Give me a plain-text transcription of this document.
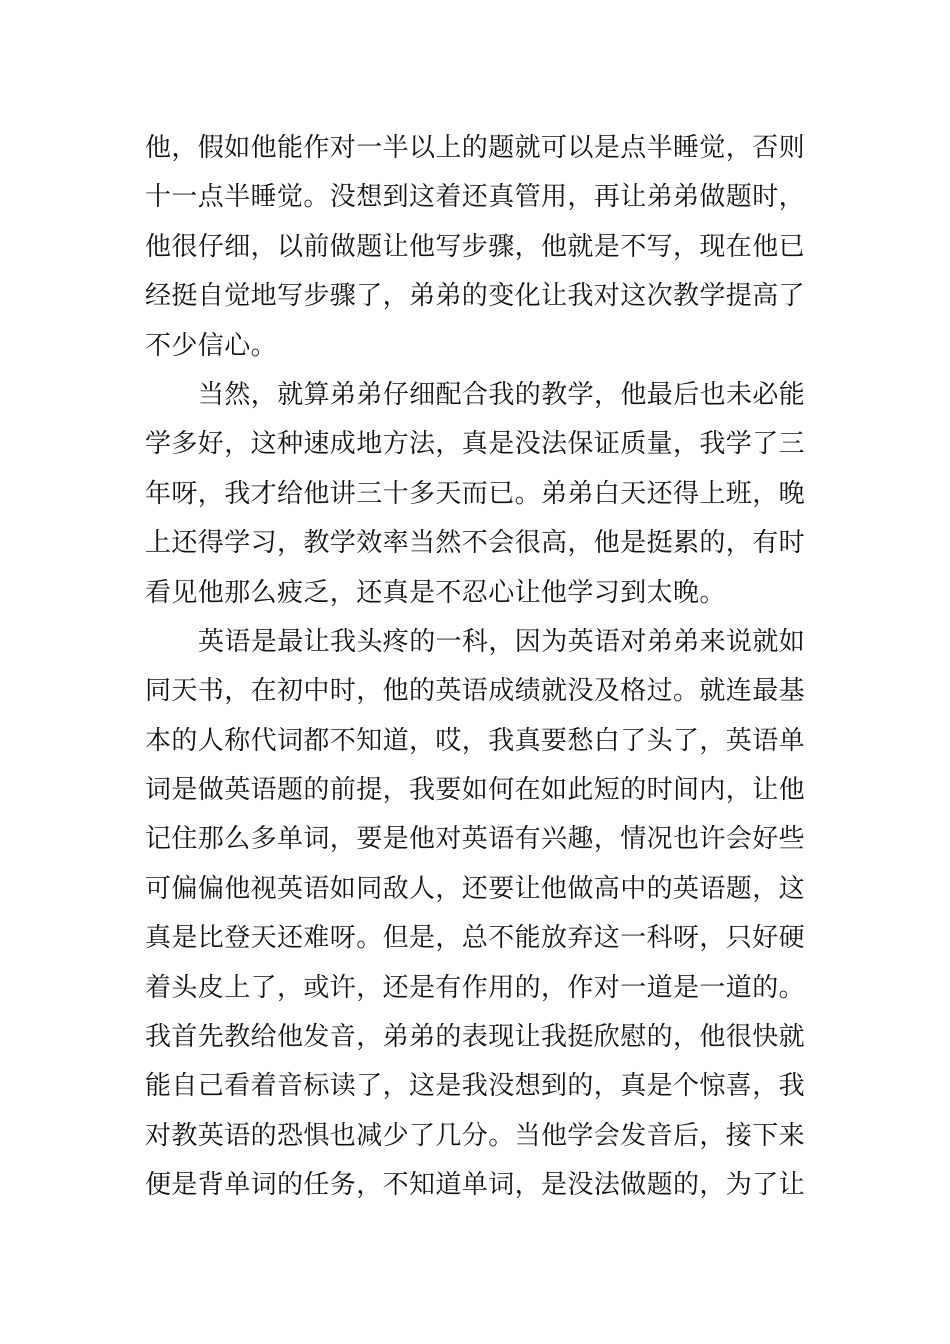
他，假如他能作对一半以上的题就可以是点半睡觉，否则
十一点半睡觉。没想到这着还真管用，再让弟弟做题时，
他很仔细，以前做题让他写步骤，他就是不写，现在他已
经挺自觉地写步骤了，弟弟的变化让我对这次教学提高了
不少信心。
当然，就算弟弟仔细配合我的教学，他最后也未必能
学多好，这种速成地方法，真是没法保证质量，我学了三
年呀，我才给他讲三十多天而已。弟弟白天还得上班，晚
上还得学习，教学效率当然不会很高，他是挺累的，有时
看见他那么疲乏，还真是不忍心让他学习到太晚。
英语是最让我头疼的一科，因为英语对弟弟来说就如
同天书，在初中时，他的英语成绩就没及格过。就连最基
本的人称代词都不知道，哎，我真要愁白了头了，英语单
词是做英语题的前提，我要如何在如此短的时间内，让他
记住那么多单词，要是他对英语有兴趣，情况也许会好些
可偏偏他视英语如同敌人，还要让他做高中的英语题，这
真是比登天还难呀。但是，总不能放弃这一科呀，只好硬
着头皮上了，或许，还是有作用的，作对一道是一道的。
我首先教给他发音，弟弟的表现让我挺欣慰的，他很快就
能自己看着音标读了，这是我没想到的，真是个惊喜，我
对教英语的恐惧也减少了几分。当他学会发音后，接下来
便是背单词的任务，不知道单词，是没法做题的，为了让
